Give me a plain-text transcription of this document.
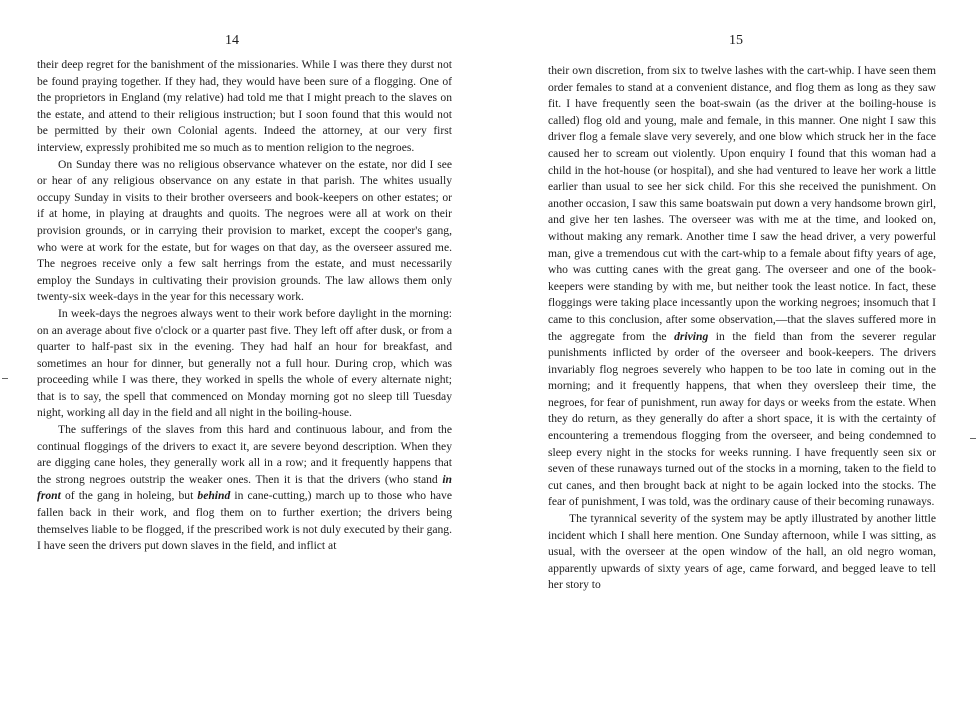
14

their deep regret for the banishment of the missionaries. While I was there they durst not be found praying together. If they had, they would have been sure of a flogging. One of the proprietors in England (my relative) had told me that I might preach to the slaves on the estate, and attend to their religious instruction; but I soon found that this would not be permitted by their own Colonial agents. Indeed the attorney, at our very first interview, expressly prohibited me so much as to mention religion to the negroes.

On Sunday there was no religious observance whatever on the estate, nor did I see or hear of any religious observance on any estate in that parish. The whites usually occupy Sunday in visits to their brother overseers and book-keepers on other estates; or if at home, in playing at draughts and quoits. The negroes were all at work on their provision grounds, or in carrying their provision to market, except the cooper's gang, who were at work for the estate, but for wages on that day, as the overseer assured me. The negroes receive only a few salt herrings from the estate, and must necessarily employ the Sundays in cultivating their provision grounds. The law allows them only twenty-six week-days in the year for this necessary work.

In week-days the negroes always went to their work before daylight in the morning: on an average about five o'clock or a quarter past five. They left off after dusk, or from a quarter to half-past six in the evening. They had half an hour for breakfast, and sometimes an hour for dinner, but generally not a full hour. During crop, which was proceeding while I was there, they worked in spells the whole of every alternate night; that is to say, the spell that commenced on Monday morning got no sleep till Tuesday night, working all day in the field and all night in the boiling-house.

The sufferings of the slaves from this hard and continuous labour, and from the continual floggings of the drivers to exact it, are severe beyond description. When they are digging cane holes, they generally work all in a row; and it frequently happens that the strong negroes outstrip the weaker ones. Then it is that the drivers (who stand in front of the gang in holeing, but behind in cane-cutting,) march up to those who have fallen back in their work, and flog them on to further exertion; the drivers being themselves liable to be flogged, if the prescribed work is not duly executed by their gang. I have seen the drivers put down slaves in the field, and inflict at

15

their own discretion, from six to twelve lashes with the cart-whip. I have seen them order females to stand at a convenient distance, and flog them as long as they saw fit. I have frequently seen the boat-swain (as the driver at the boiling-house is called) flog old and young, male and female, in this manner. One night I saw this driver flog a female slave very severely, and one blow which struck her in the face caused her to scream out violently. Upon enquiry I found that this woman had a child in the hot-house (or hospital), and she had ventured to leave her work a little earlier than usual to see her sick child. For this she received the punishment. On another occasion, I saw this same boatswain put down a very handsome brown girl, and give her ten lashes. The overseer was with me at the time, and looked on, without making any remark. Another time I saw the head driver, a very powerful man, give a tremendous cut with the cart-whip to a female about fifty years of age, who was cutting canes with the great gang. The overseer and one of the book-keepers were standing by with me, but neither took the least notice. In fact, these floggings were taking place incessantly upon the working negroes; insomuch that I came to this conclusion, after some observation,—that the slaves suffered more in the aggregate from the driving in the field than from the severer regular punishments inflicted by order of the overseer and book-keepers. The drivers invariably flog negroes severely who happen to be too late in coming out in the morning; and it frequently happens, that when they oversleep their time, the negroes, for fear of punishment, run away for days or weeks from the estate. When they do return, as they generally do after a short space, it is with the certainty of encountering a tremendous flogging from the overseer, and being condemned to sleep every night in the stocks for weeks running. I have frequently seen six or seven of these runaways turned out of the stocks in a morning, taken to the field to cut canes, and then brought back at night to be again locked into the stocks. The fear of punishment, I was told, was the ordinary cause of their becoming runaways.

The tyrannical severity of the system may be aptly illustrated by another little incident which I shall here mention. One Sunday afternoon, while I was sitting, as usual, with the overseer at the open window of the hall, an old negro woman, apparently upwards of sixty years of age, came forward, and begged leave to tell her story to
